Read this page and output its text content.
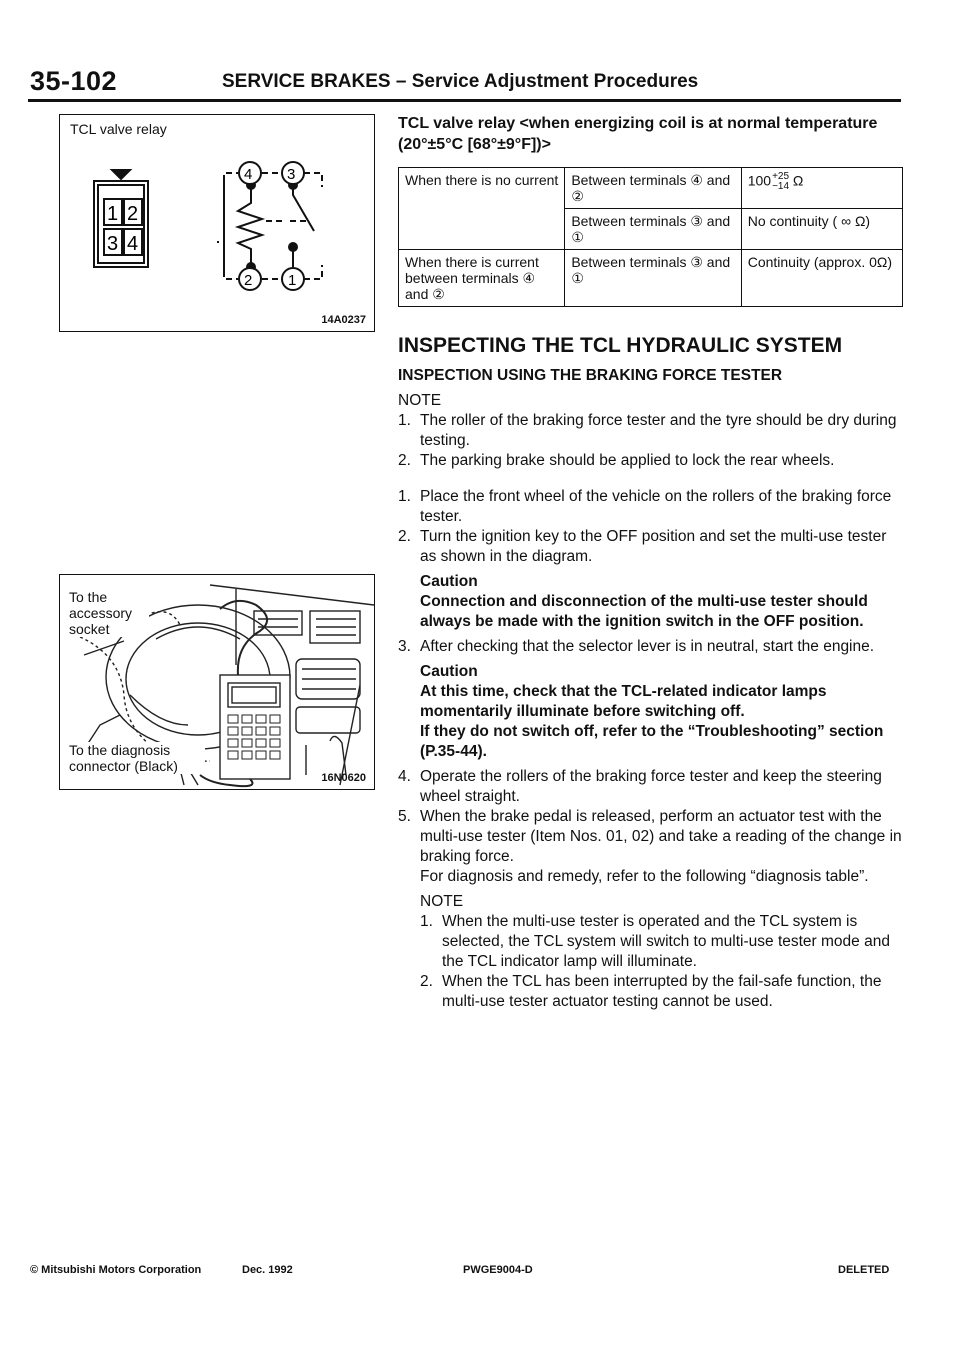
35-102	SERVICE BRAKES – Service Adjustment Procedures
TCL valve relay
1 2
3 4
4 3
2 1
14A0237
To the accessory socket
To the diagnosis connector (Black)
16N0620

TCL valve relay <when energizing coil is at normal temperature (20°±5°C [68°±9°F])>

When there is no current	Between terminals ④ and ②	100 +25
−14 Ω
	Between terminals ③ and ①	No continuity ( ∞ Ω)
When there is current between terminals ④ and ②	Between terminals ③ and ①	Continuity (approx. 0Ω)

INSPECTING THE TCL HYDRAULIC SYSTEM

INSPECTION USING THE BRAKING FORCE TESTER

NOTE

1. The roller of the braking force tester and the tyre should be dry during testing.
2. The parking brake should be applied to lock the rear wheels.
1. Place the front wheel of the vehicle on the rollers of the braking force tester.
2. Turn the ignition key to the OFF position and set the multi-use tester as shown in the diagram.
Caution
Connection and disconnection of the multi-use tester should always be made with the ignition switch in the OFF position.
3. After checking that the selector lever is in neutral, start the engine.
Caution
At this time, check that the TCL-related indicator lamps momentarily illuminate before switching off.
If they do not switch off, refer to the “Troubleshooting” section (P.35-44).
4. Operate the rollers of the braking force tester and keep the steering wheel straight.
5. When the brake pedal is released, perform an actuator test with the multi-use tester (Item Nos. 01, 02) and take a reading of the change in braking force.
For diagnosis and remedy, refer to the following “diagnosis table”.

NOTE

1. When the multi-use tester is operated and the TCL system is selected, the TCL system will switch to multi-use tester mode and the TCL indicator lamp will illuminate.
2. When the TCL has been interrupted by the fail-safe function, the multi-use tester actuator testing cannot be used.
© Mitsubishi Motors Corporation	Dec. 1992	PWGE9004-D	DELETED
